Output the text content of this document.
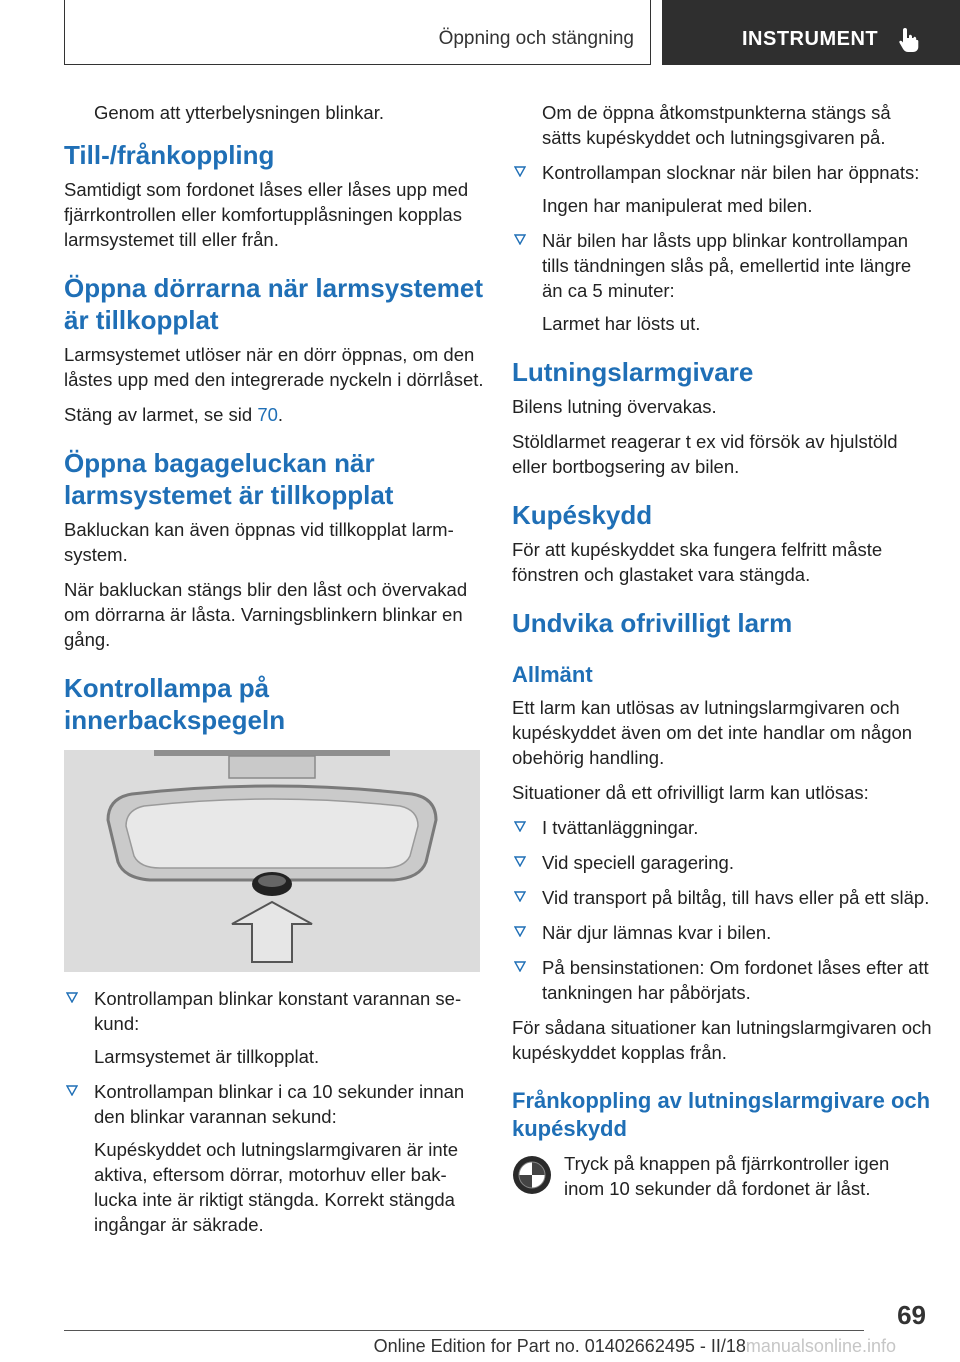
Öppning och stängning	INSTRUMENT

Genom att ytterbelysningen blinkar.

Till-/frånkoppling

Samtidigt som fordonet låses eller låses upp med fjärrkontrollen eller komfortupplåsningen kopplas larmsystemet till eller från.

Öppna dörrarna när larmsystemet är tillkopplat

Larmsystemet utlöser när en dörr öppnas, om den låstes upp med den integrerade nyckeln i dörrlåset.

Stäng av larmet, se sid 70.

Öppna bagageluckan när larmsystemet är tillkopplat

Bakluckan kan även öppnas vid tillkopplat larm-system.

När bakluckan stängs blir den låst och övervakad om dörrarna är låsta. Varningsblinkern blinkar en gång.

Kontrollampa på innerbackspegeln

Kontrollampan blinkar konstant varannan se-kund:

Larmsystemet är tillkopplat.

Kontrollampan blinkar i ca 10 sekunder innan den blinkar varannan sekund:

Kupéskyddet och lutningslarmgivaren är inte aktiva, eftersom dörrar, motorhuv eller bak-lucka inte är riktigt stängda. Korrekt stängda ingångar är säkrade.

Om de öppna åtkomstpunkterna stängs så sätts kupéskyddet och lutningsgivaren på.

Kontrollampan slocknar när bilen har öppnats:

Ingen har manipulerat med bilen.

När bilen har låsts upp blinkar kontrollampan tills tändningen slås på, emellertid inte längre än ca 5 minuter:

Larmet har lösts ut.

Lutningslarmgivare

Bilens lutning övervakas.

Stöldlarmet reagerar t ex vid försök av hjulstöld eller bortbogsering av bilen.

Kupéskydd

För att kupéskyddet ska fungera felfritt måste fönstren och glastaket vara stängda.

Undvika ofrivilligt larm
Allmänt

Ett larm kan utlösas av lutningslarmgivaren och kupéskyddet även om det inte handlar om någon obehörig handling.

Situationer då ett ofrivilligt larm kan utlösas:

I tvättanläggningar.

Vid speciell garagering.

Vid transport på biltåg, till havs eller på ett släp.

När djur lämnas kvar i bilen.

På bensinstationen: Om fordonet låses efter att tankningen har påbörjats.

För sådana situationer kan lutningslarmgivaren och kupéskyddet kopplas från.

Frånkoppling av lutningslarmgivare och kupéskydd

Tryck på knappen på fjärrkontroller igen inom 10 sekunder då fordonet är låst.

69
Online Edition for Part no. 01402662495 - II/18manualsonline.info
